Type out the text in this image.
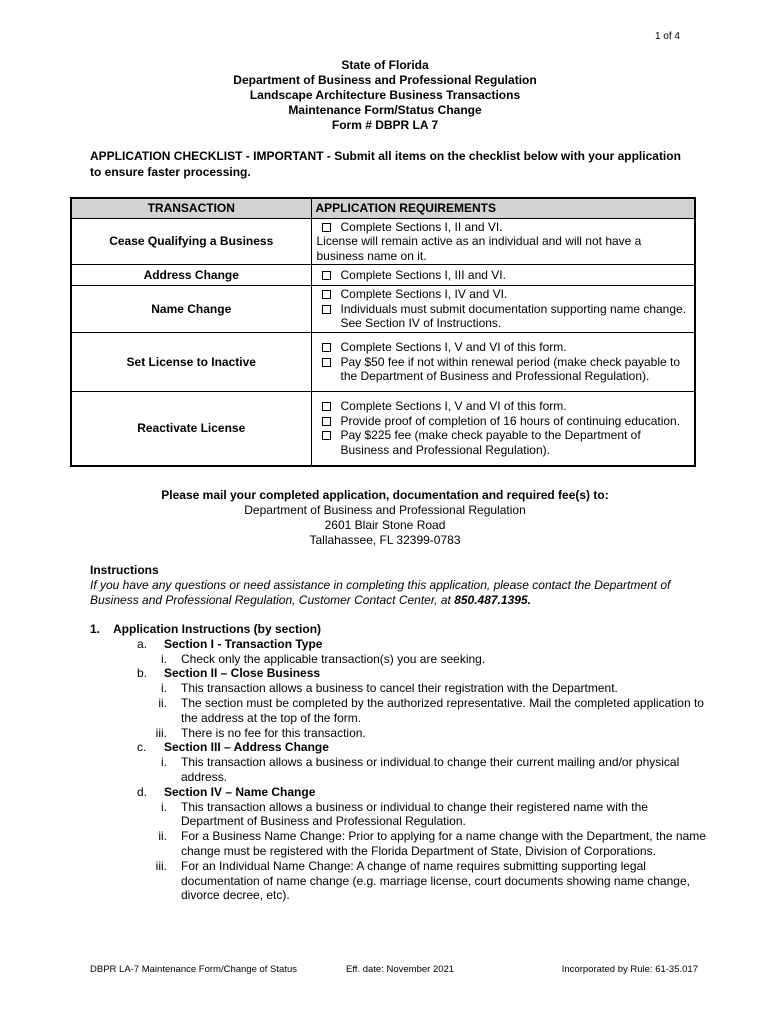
1 of 4
State of Florida
Department of Business and Professional Regulation
Landscape Architecture Business Transactions
Maintenance Form/Status Change
Form # DBPR LA 7
APPLICATION CHECKLIST - IMPORTANT - Submit all items on the checklist below with your application to ensure faster processing.
TRANSACTION	APPLICATION REQUIREMENTS
Cease Qualifying a Business	Complete Sections I, II and VI.
License will remain active as an individual and will not have a business name on it.

Address Change	Complete Sections I, III and VI.

Name Change	Complete Sections I, IV and VI.
Individuals must submit documentation supporting name change. See Section IV of Instructions.

Set License to Inactive	Complete Sections I, V and VI of this form.
Pay $50 fee if not within renewal period (make check payable to the Department of Business and Professional Regulation).

Reactivate License	Complete Sections I, V and VI of this form.
Provide proof of completion of 16 hours of continuing education.
Pay $225 fee (make check payable to the Department of Business and Professional Regulation).
Please mail your completed application, documentation and required fee(s) to:
Department of Business and Professional Regulation
2601 Blair Stone Road
Tallahassee, FL 32399-0783
Instructions
If you have any questions or need assistance in completing this application, please contact the Department of Business and Professional Regulation, Customer Contact Center, at 850.487.1395.
1. Application Instructions (by section)
a. Section I - Transaction Type
i. Check only the applicable transaction(s) you are seeking.
b. Section II – Close Business
i. This transaction allows a business to cancel their registration with the Department.
ii. The section must be completed by the authorized representative. Mail the completed application to the address at the top of the form.
iii. There is no fee for this transaction.
c. Section III – Address Change
i. This transaction allows a business or individual to change their current mailing and/or physical address.
d. Section IV – Name Change
i. This transaction allows a business or individual to change their registered name with the Department of Business and Professional Regulation.
ii. For a Business Name Change: Prior to applying for a name change with the Department, the name change must be registered with the Florida Department of State, Division of Corporations.
iii. For an Individual Name Change: A change of name requires submitting supporting legal documentation of name change (e.g. marriage license, court documents showing name change, divorce decree, etc).
DBPR LA-7 Maintenance Form/Change of Status	Eff. date: November 2021	Incorporated by Rule: 61-35.017
